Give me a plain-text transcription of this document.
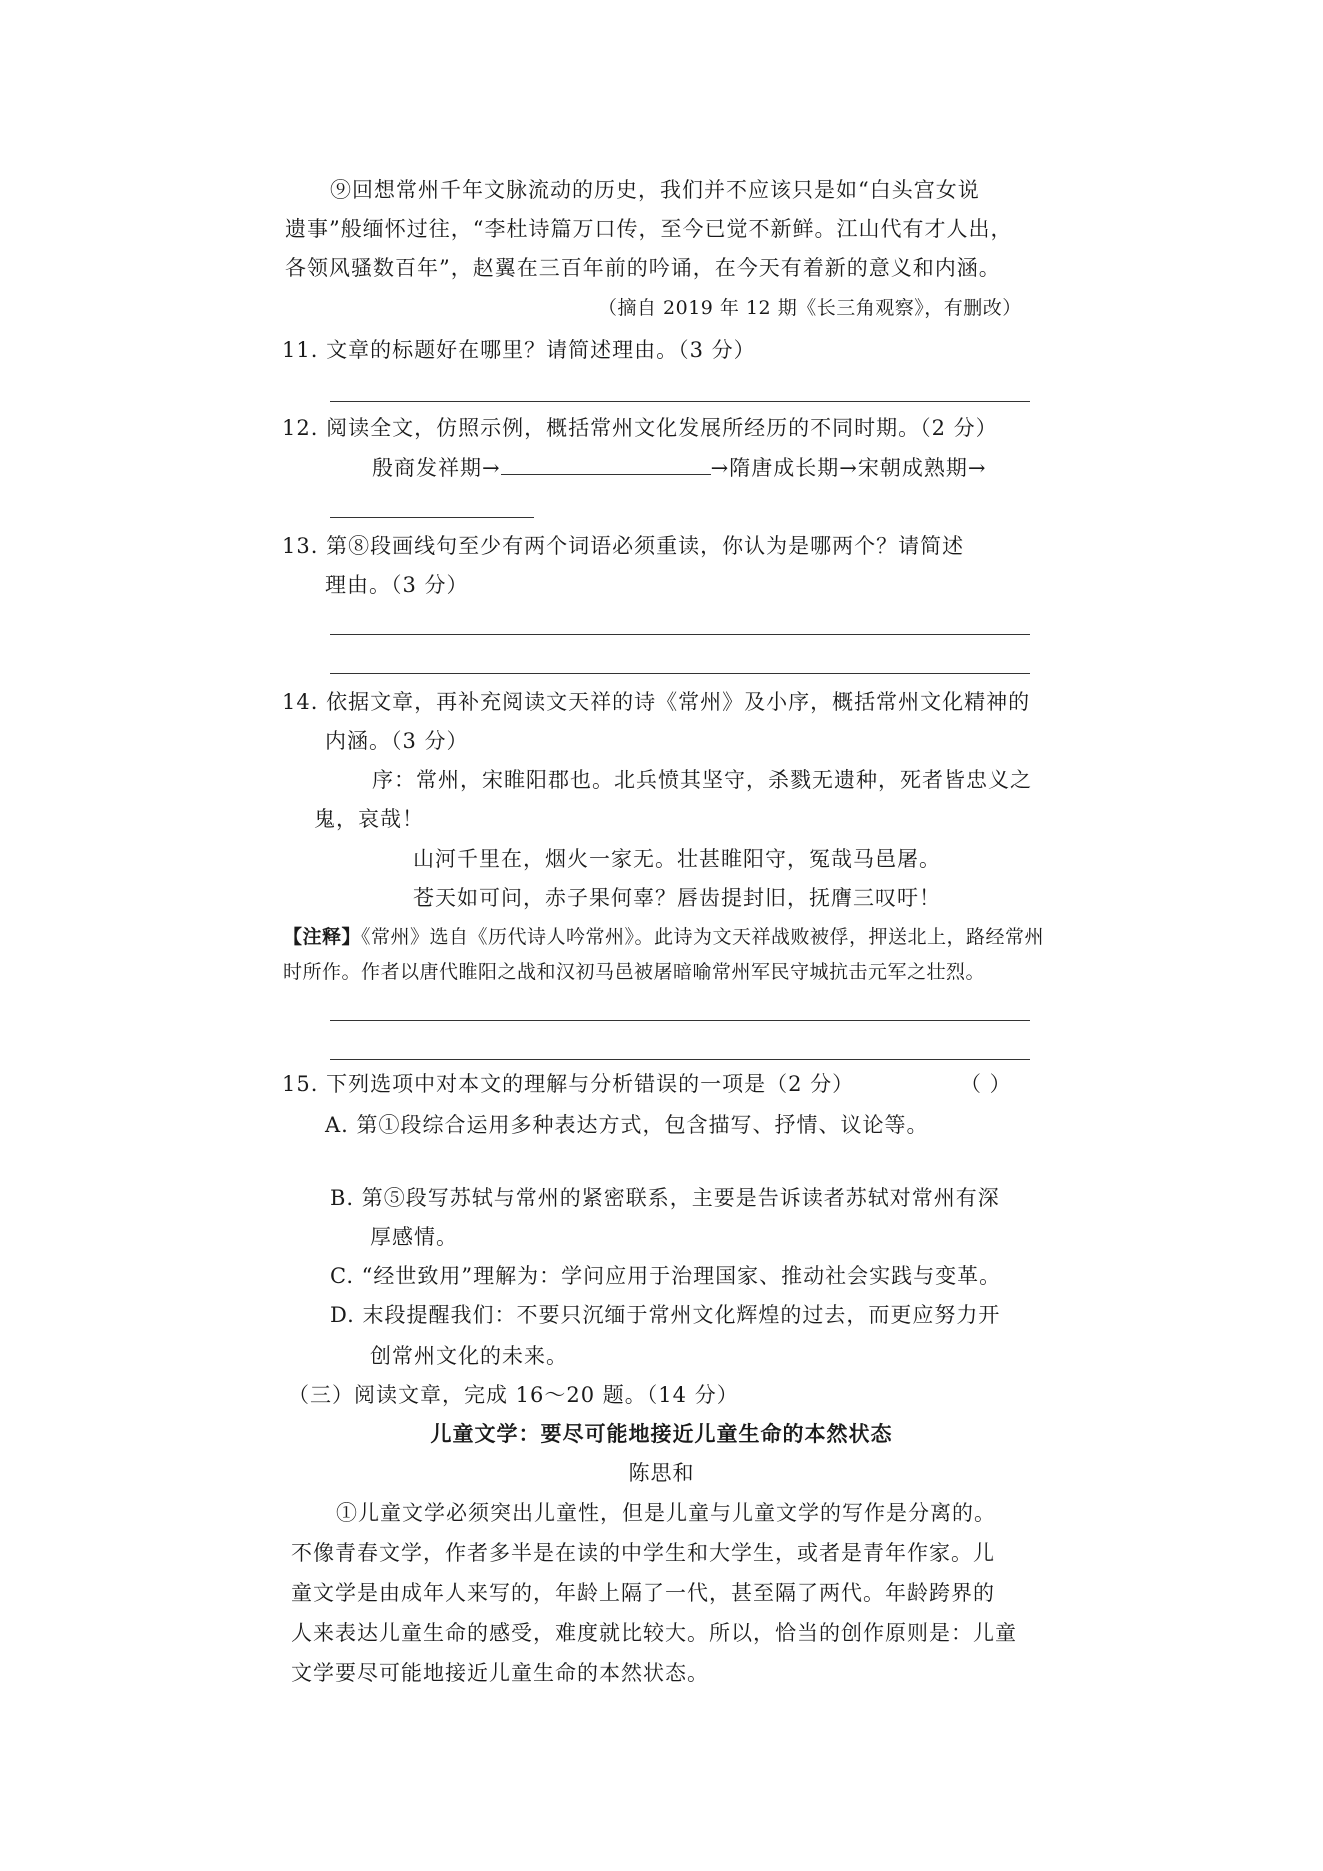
⑨回想常州千年文脉流动的历史，我们并不应该只是如“白头宫女说
遗事”般缅怀过往，“李杜诗篇万口传，至今已觉不新鲜。江山代有才人出，
各领风骚数百年”，赵翼在三百年前的吟诵，在今天有着新的意义和内涵。
（摘自 2019 年 12 期《长三角观察》，有删改）
11. 文章的标题好在哪里？请简述理由。（3 分）
12. 阅读全文，仿照示例，概括常州文化发展所经历的不同时期。（2 分）
殷商发祥期→	→隋唐成长期→宋朝成熟期→
13. 第⑧段画线句至少有两个词语必须重读，你认为是哪两个？请简述
理由。（3 分）
14. 依据文章，再补充阅读文天祥的诗《常州》及小序，概括常州文化精神的
内涵。（3 分）
序：常州，宋睢阳郡也。北兵愤其坚守，杀戮无遗种，死者皆忠义之
鬼，哀哉！
山河千里在，烟火一家无。壮甚睢阳守，冤哉马邑屠。
苍天如可问，赤子果何辜？唇齿提封旧，抚膺三叹吁！
【注释】《常州》选自《历代诗人吟常州》。此诗为文天祥战败被俘，押送北上，路经常州
时所作。作者以唐代睢阳之战和汉初马邑被屠暗喻常州军民守城抗击元军之壮烈。
15. 下列选项中对本文的理解与分析错误的一项是（2 分）	（ ）
A. 第①段综合运用多种表达方式，包含描写、抒情、议论等。
B. 第⑤段写苏轼与常州的紧密联系，主要是告诉读者苏轼对常州有深
厚感情。
C. “经世致用”理解为：学问应用于治理国家、推动社会实践与变革。
D. 末段提醒我们：不要只沉缅于常州文化辉煌的过去，而更应努力开
创常州文化的未来。
（三）阅读文章，完成 16～20 题。（14 分）
儿童文学：要尽可能地接近儿童生命的本然状态
陈思和
①儿童文学必须突出儿童性，但是儿童与儿童文学的写作是分离的。
不像青春文学，作者多半是在读的中学生和大学生，或者是青年作家。儿
童文学是由成年人来写的，年龄上隔了一代，甚至隔了两代。年龄跨界的
人来表达儿童生命的感受，难度就比较大。所以，恰当的创作原则是：儿童
文学要尽可能地接近儿童生命的本然状态。
